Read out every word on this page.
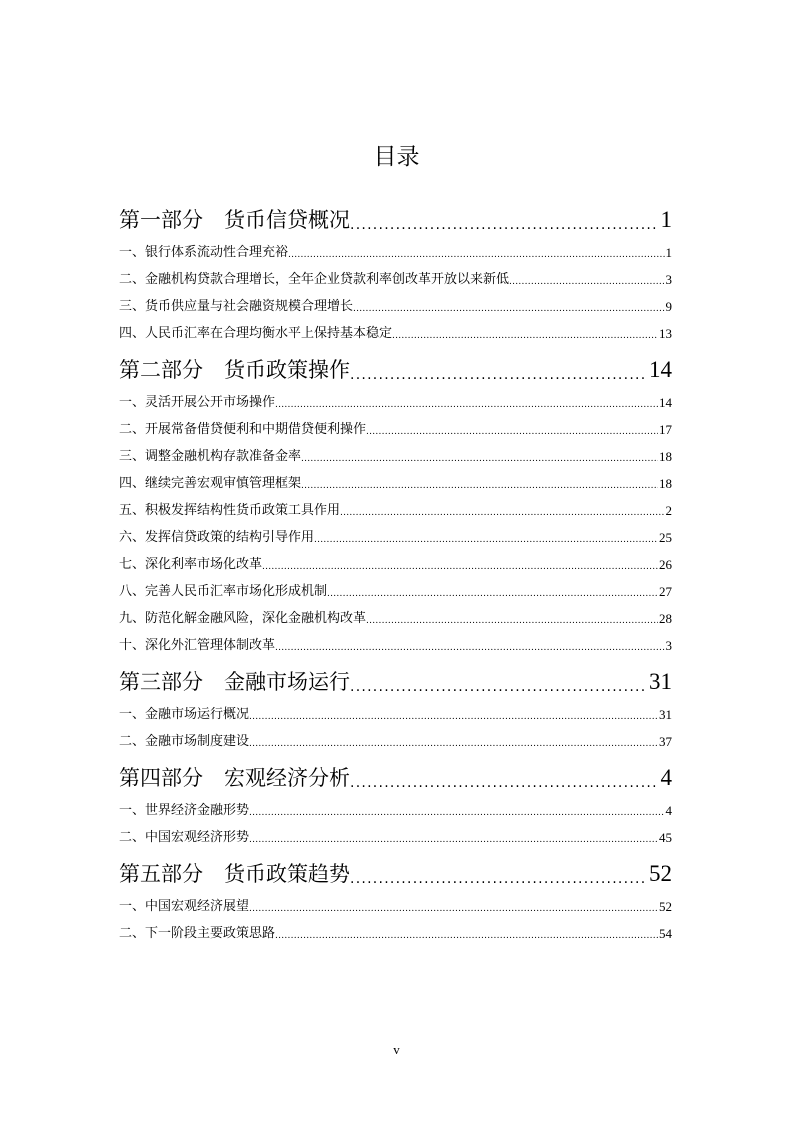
目录
第一部分　货币信贷概况 . . .	1
一、银行体系流动性合理充裕 . . .	1
二、金融机构贷款合理增长，全年企业贷款利率创改革开放以来新低 . . .	3
三、货币供应量与社会融资规模合理增长 . . .	9
四、人民币汇率在合理均衡水平上保持基本稳定 . . .	13
第二部分　货币政策操作 . . .	14
一、灵活开展公开市场操作 . . .	14
二、开展常备借贷便利和中期借贷便利操作 . . .	17
三、调整金融机构存款准备金率 . . .	18
四、继续完善宏观审慎管理框架 . . .	18
五、积极发挥结构性货币政策工具作用 . . .	2
六、发挥信贷政策的结构引导作用 . . .	25
七、深化利率市场化改革 . . .	26
八、完善人民币汇率市场化形成机制 . . .	27
九、防范化解金融风险，深化金融机构改革 . . .	28
十、深化外汇管理体制改革 . . .	3
第三部分　金融市场运行 . . .	31
一、金融市场运行概况 . . .	31
二、金融市场制度建设 . . .	37
第四部分　宏观经济分析 . . .	4
一、世界经济金融形势 . . .	4
二、中国宏观经济形势 . . .	45
第五部分　货币政策趋势 . . .	52
一、中国宏观经济展望 . . .	52
二、下一阶段主要政策思路 . . .	54
v
